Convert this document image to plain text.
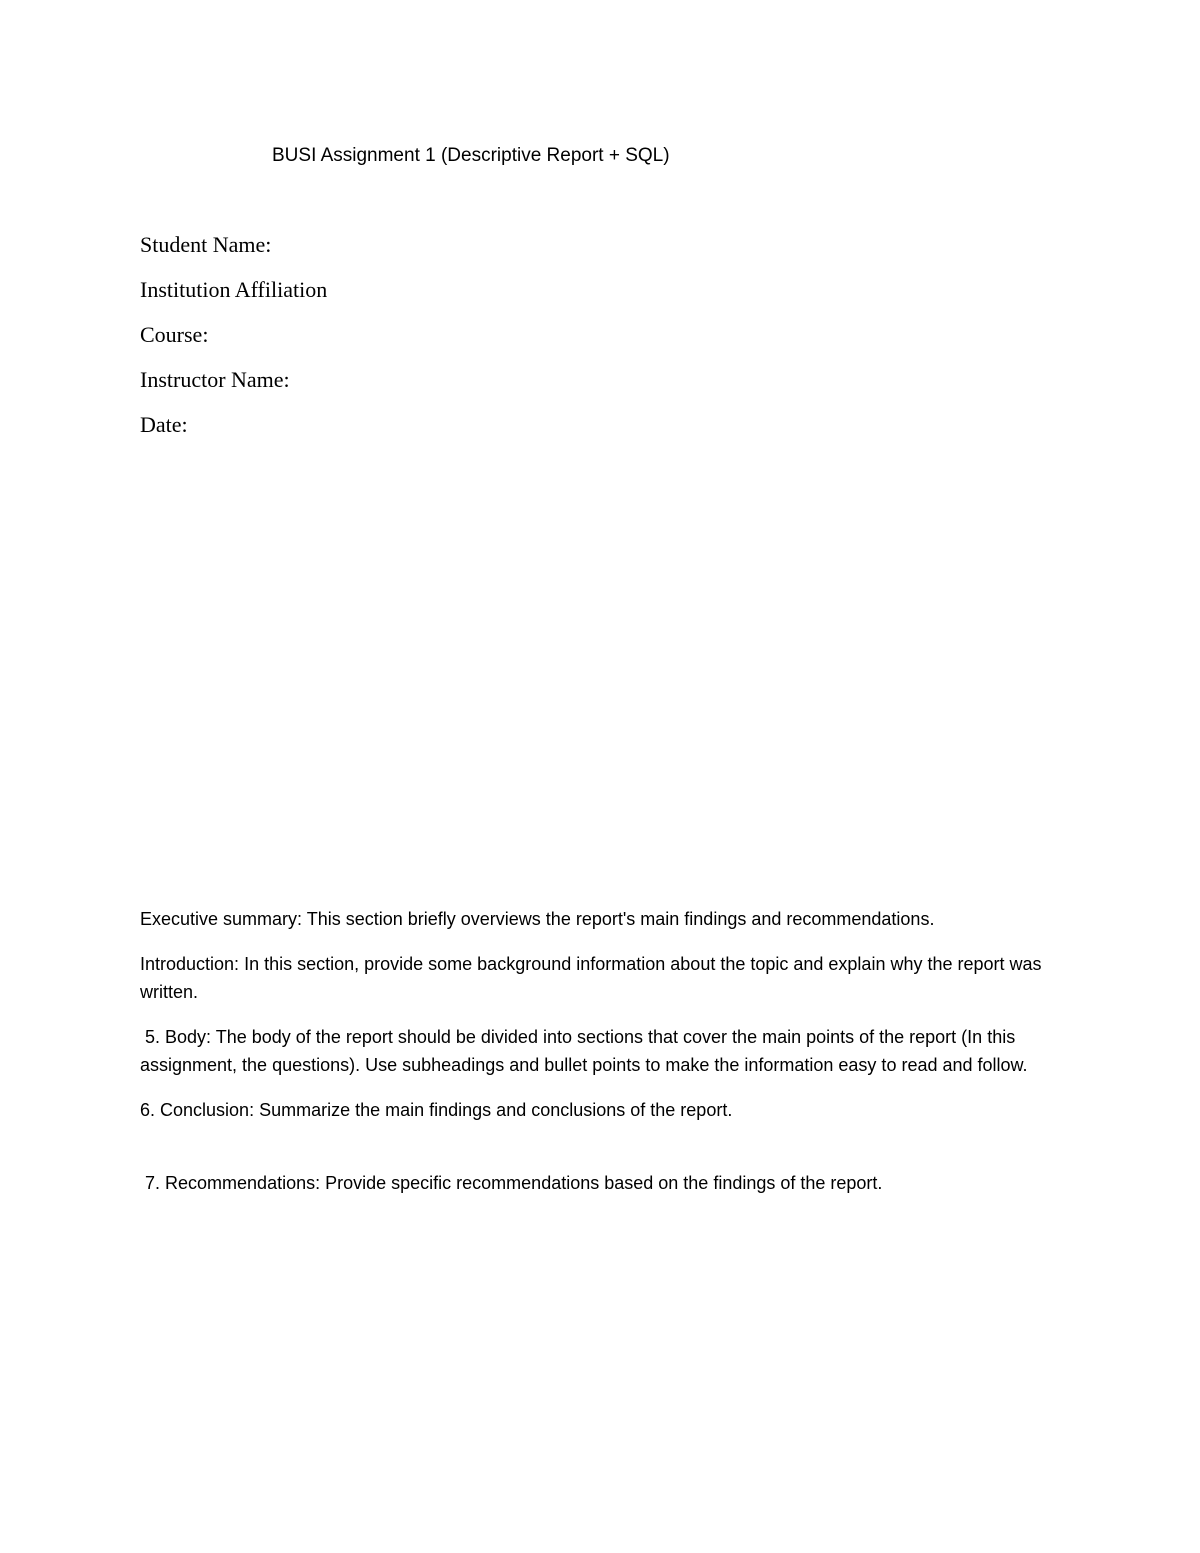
BUSI Assignment 1 (Descriptive Report + SQL)
Student Name:
Institution Affiliation
Course:
Instructor Name:
Date:

Executive summary: This section briefly overviews the report's main findings and recommendations.

Introduction: In this section, provide some background information about the topic and explain why the report was written.

5. Body: The body of the report should be divided into sections that cover the main points of the report (In this assignment, the questions). Use subheadings and bullet points to make the information easy to read and follow.

6. Conclusion: Summarize the main findings and conclusions of the report.

7. Recommendations: Provide specific recommendations based on the findings of the report.
